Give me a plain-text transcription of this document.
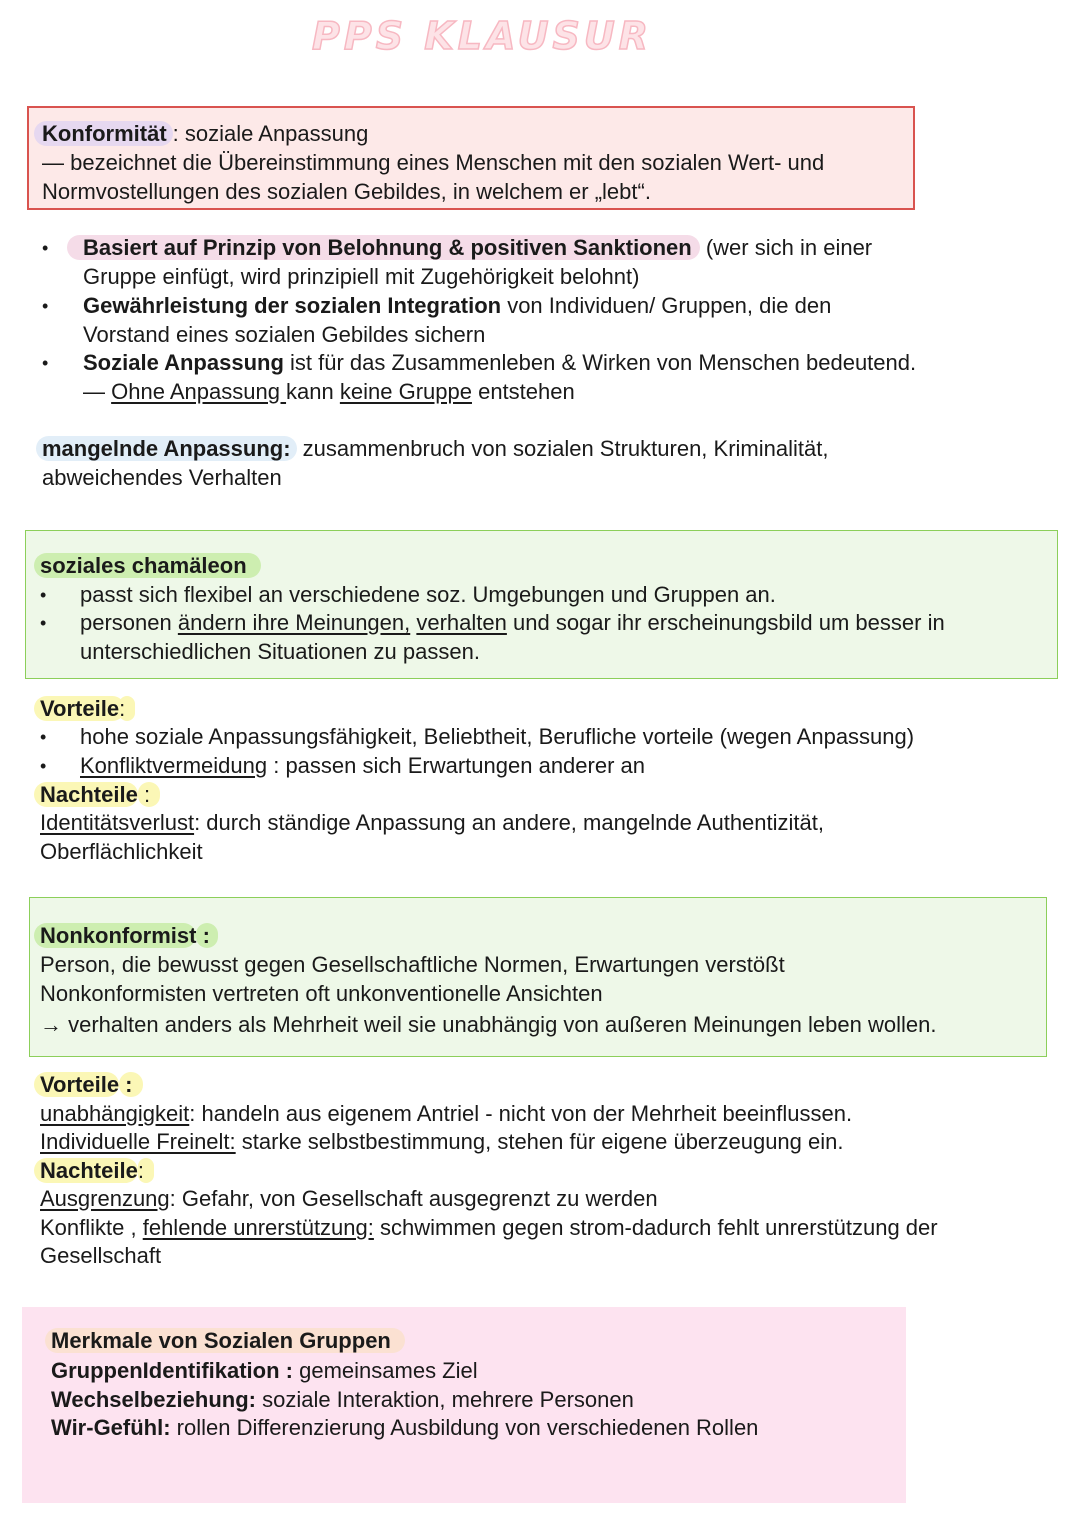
PPS KLAUSUR
Konformität : soziale Anpassung
— bezeichnet die Übereinstimmung eines Menschen mit den sozialen Wert- und
Normvostellungen des sozialen Gebildes, in welchem er „lebt“.
• Basiert auf Prinzip von Belohnung & positiven Sanktionen (wer sich in einer
Gruppe einfügt, wird prinzipiell mit Zugehörigkeit belohnt)
• Gewährleistung der sozialen Integration von Individuen/ Gruppen, die den
Vorstand eines sozialen Gebildes sichern
• Soziale Anpassung ist für das Zusammenleben & Wirken von Menschen bedeutend.
— Ohne Anpassung kann keine Gruppe entstehen
mangelnde Anpassung: zusammenbruch von sozialen Strukturen, Kriminalität,
abweichendes Verhalten
soziales chamäleon
• passt sich flexibel an verschiedene soz. Umgebungen und Gruppen an.
• personen ändern ihre Meinungen, verhalten und sogar ihr erscheinungsbild um besser in
unterschiedlichen Situationen zu passen.
Vorteile:
• hohe soziale Anpassungsfähigkeit, Beliebtheit, Berufliche vorteile (wegen Anpassung)
• Konfliktvermeidung : passen sich Erwartungen anderer an
Nachteile :
Identitätsverlust: durch ständige Anpassung an andere, mangelnde Authentizität,
Oberflächlichkeit
Nonkonformist :
Person, die bewusst gegen Gesellschaftliche Normen, Erwartungen verstößt
Nonkonformisten vertreten oft unkonventionelle Ansichten
→ verhalten anders als Mehrheit weil sie unabhängig von außeren Meinungen leben wollen.
Vorteile :
unabhängigkeit: handeln aus eigenem Antriel - nicht von der Mehrheit beeinflussen.
Individuelle Freinelt: starke selbstbestimmung, stehen für eigene überzeugung ein.
Nachteile:
Ausgrenzung: Gefahr, von Gesellschaft ausgegrenzt zu werden
Konflikte , fehlende unrerstützung: schwimmen gegen strom-dadurch fehlt unrerstützung der
Gesellschaft
Merkmale von Sozialen Gruppen
GruppenIdentifikation : gemeinsames Ziel
Wechselbeziehung: soziale Interaktion, mehrere Personen
Wir-Gefühl: rollen Differenzierung Ausbildung von verschiedenen Rollen
